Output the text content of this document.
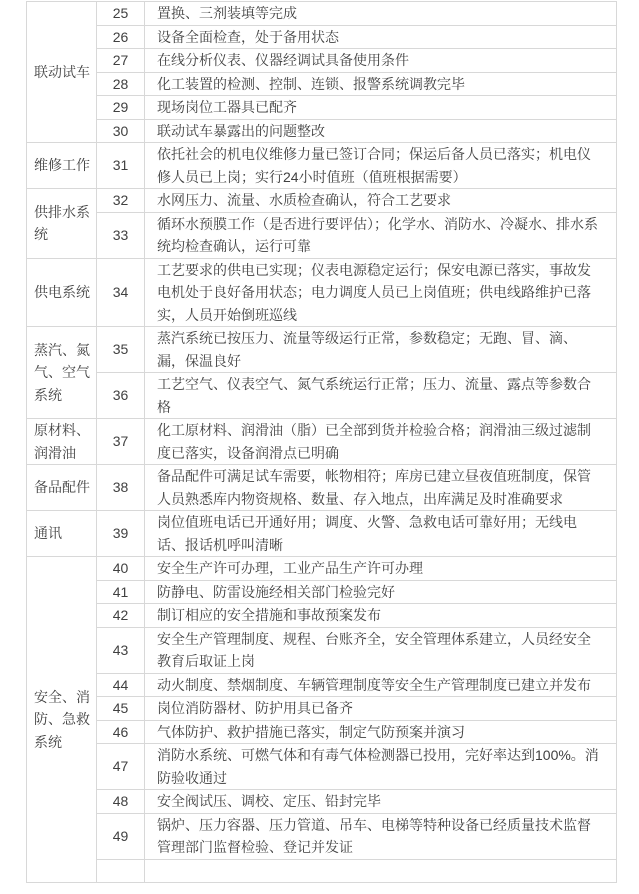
联动试车	25	置换、三剂装填等完成
	26	设备全面检查，处于备用状态
	27	在线分析仪表、仪器经调试具备使用条件
	28	化工装置的检测、控制、连锁、报警系统调教完毕
	29	现场岗位工器具已配齐
	30	联动试车暴露出的问题整改
维修工作	31	依托社会的机电仪维修力量已签订合同；保运后备人员已落实；机电仪修人员已上岗；实行24小时值班（值班根据需要）
供排水系统	32	水网压力、流量、水质检查确认，符合工艺要求
	33	循环水预膜工作（是否进行要评估）；化学水、消防水、冷凝水、排水系统均检查确认，运行可靠
供电系统	34	工艺要求的供电已实现；仪表电源稳定运行；保安电源已落实，事故发电机处于良好备用状态；电力调度人员已上岗值班；供电线路维护已落实，人员开始倒班巡线
蒸汽、氮气、空气系统	35	蒸汽系统已按压力、流量等级运行正常，参数稳定；无跑、冒、滴、漏，保温良好
	36	工艺空气、仪表空气、氮气系统运行正常；压力、流量、露点等参数合格
原材料、润滑油	37	化工原材料、润滑油（脂）已全部到货并检验合格；润滑油三级过滤制度已落实，设备润滑点已明确
备品配件	38	备品配件可满足试车需要，帐物相符；库房已建立昼夜值班制度，保管人员熟悉库内物资规格、数量、存入地点，出库满足及时准确要求
通讯	39	岗位值班电话已开通好用；调度、火警、急救电话可靠好用；无线电话、报话机呼叫清晰
安全、消防、急救系统	40	安全生产许可办理，工业产品生产许可办理
	41	防静电、防雷设施经相关部门检验完好
	42	制订相应的安全措施和事故预案发布
	43	安全生产管理制度、规程、台账齐全，安全管理体系建立，人员经安全教育后取证上岗
	44	动火制度、禁烟制度、车辆管理制度等安全生产管理制度已建立并发布
	45	岗位消防器材、防护用具已备齐
	46	气体防护、救护措施已落实，制定气防预案并演习
	47	消防水系统、可燃气体和有毒气体检测器已投用，完好率达到100%。消防验收通过
	48	安全阀试压、调校、定压、铅封完毕
	49	锅炉、压力容器、压力管道、吊车、电梯等特种设备已经质量技术监督管理部门监督检验、登记并发证
